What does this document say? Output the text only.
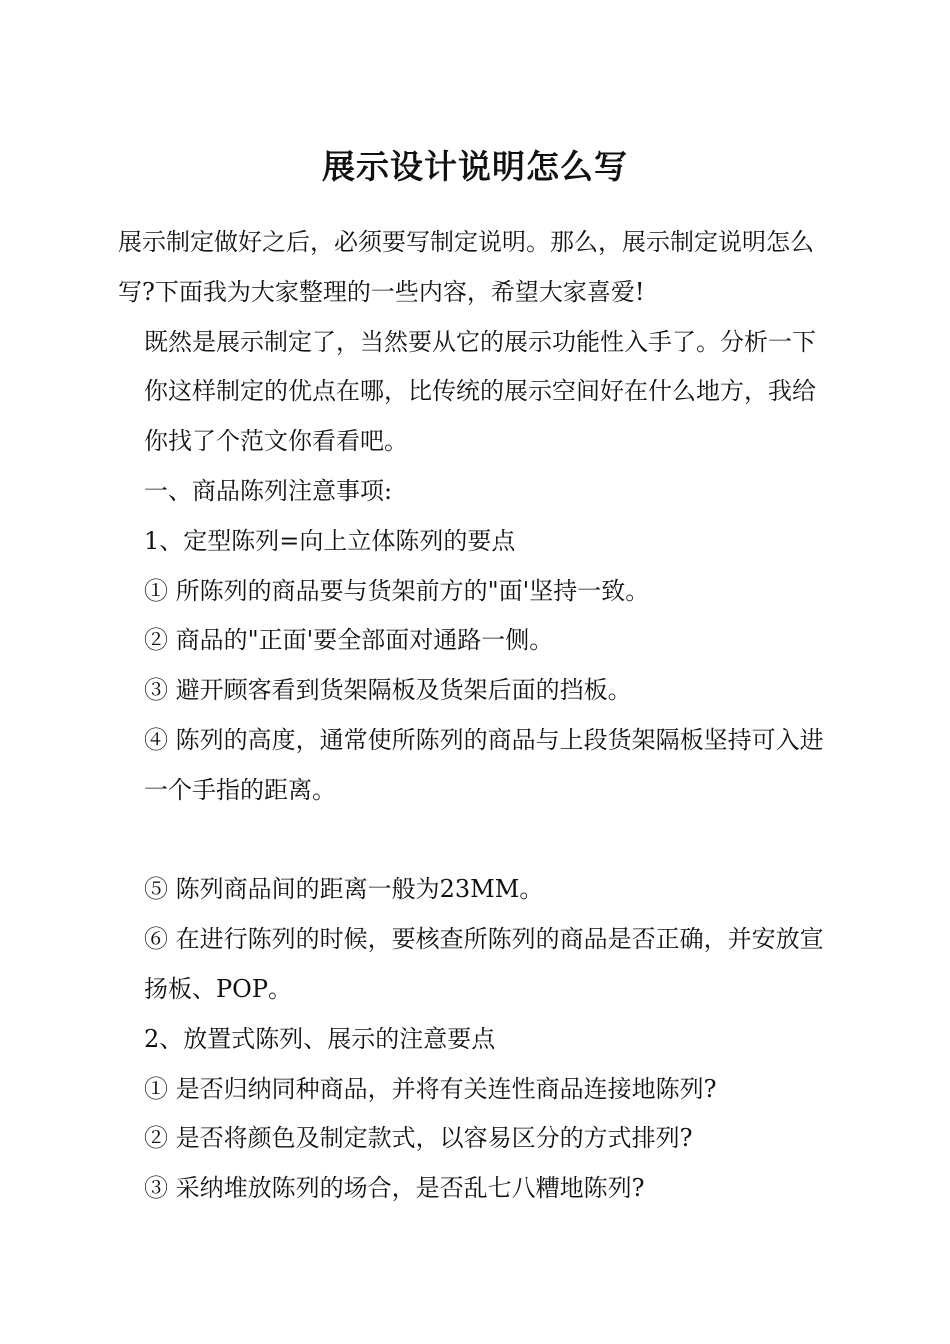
展示设计说明怎么写

展示制定做好之后，必须要写制定说明。那么，展示制定说明怎么写?下面我为大家整理的一些内容，希望大家喜爱!

既然是展示制定了，当然要从它的展示功能性入手了。分析一下你这样制定的优点在哪，比传统的展示空间好在什么地方，我给你找了个范文你看看吧。

一、商品陈列注意事项:

1、定型陈列=向上立体陈列的要点

① 所陈列的商品要与货架前方的"面'坚持一致。

② 商品的"正面'要全部面对通路一侧。

③ 避开顾客看到货架隔板及货架后面的挡板。

④ 陈列的高度，通常使所陈列的商品与上段货架隔板坚持可入进一个手指的距离。

⑤ 陈列商品间的距离一般为23MM。

⑥ 在进行陈列的时候，要核查所陈列的商品是否正确，并安放宣扬板、POP。

2、放置式陈列、展示的注意要点

① 是否归纳同种商品，并将有关连性商品连接地陈列?

② 是否将颜色及制定款式，以容易区分的方式排列?

③ 采纳堆放陈列的场合，是否乱七八糟地陈列?
